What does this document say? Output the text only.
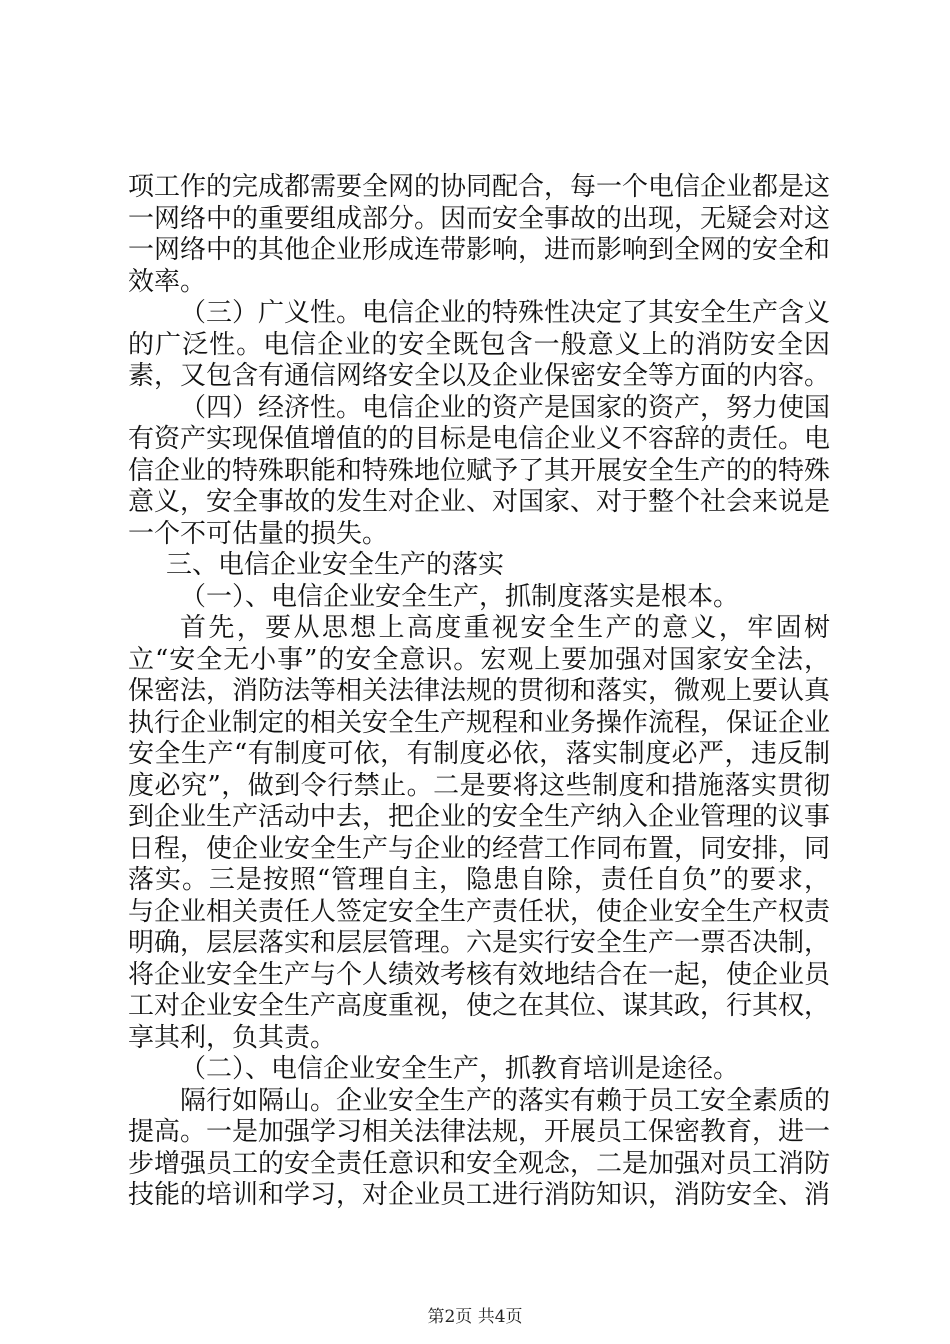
项工作的完成都需要全网的协同配合，每一个电信企业都是这一网络中的重要组成部分。因而安全事故的出现，无疑会对这一网络中的其他企业形成连带影响，进而影响到全网的安全和效率。

（三）广义性。电信企业的特殊性决定了其安全生产含义的广泛性。电信企业的安全既包含一般意义上的消防安全因素，又包含有通信网络安全以及企业保密安全等方面的内容。

（四）经济性。电信企业的资产是国家的资产，努力使国有资产实现保值增值的的目标是电信企业义不容辞的责任。电信企业的特殊职能和特殊地位赋予了其开展安全生产的的特殊意义，安全事故的发生对企业、对国家、对于整个社会来说是一个不可估量的损失。

三、电信企业安全生产的落实

（一）、电信企业安全生产，抓制度落实是根本。

首先，要从思想上高度重视安全生产的意义，牢固树立“安全无小事”的安全意识。宏观上要加强对国家安全法，保密法，消防法等相关法律法规的贯彻和落实，微观上要认真执行企业制定的相关安全生产规程和业务操作流程，保证企业安全生产“有制度可依，有制度必依，落实制度必严，违反制度必究”，做到令行禁止。二是要将这些制度和措施落实贯彻到企业生产活动中去，把企业的安全生产纳入企业管理的议事日程，使企业安全生产与企业的经营工作同布置，同安排，同落实。三是按照“管理自主，隐患自除，责任自负”的要求，与企业相关责任人签定安全生产责任状，使企业安全生产权责明确，层层落实和层层管理。六是实行安全生产一票否决制，将企业安全生产与个人绩效考核有效地结合在一起，使企业员工对企业安全生产高度重视，使之在其位、谋其政，行其权，享其利，负其责。

（二）、电信企业安全生产，抓教育培训是途径。

隔行如隔山。企业安全生产的落实有赖于员工安全素质的提高。一是加强学习相关法律法规，开展员工保密教育，进一步增强员工的安全责任意识和安全观念，二是加强对员工消防技能的培训和学习，对企业员工进行消防知识，消防安全、消

第2页 共4页
